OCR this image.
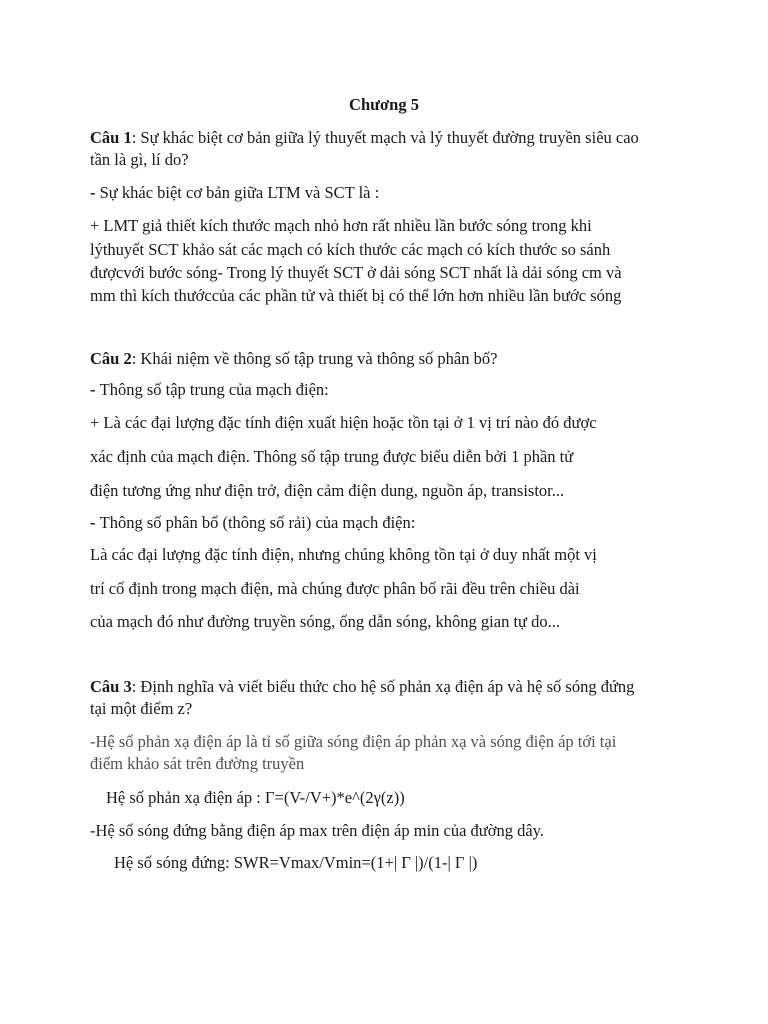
Chương 5
Câu 1: Sự khác biệt cơ bản giữa lý thuyết mạch và lý thuyết đường truyền siêu cao
tần là gì, lí do?
- Sự khác biệt cơ bản giữa LTM và SCT là :
+ LMT giả thiết kích thước mạch nhỏ hơn rất nhiều lần bước sóng trong khi
lýthuyết SCT khảo sát các mạch có kích thước các mạch có kích thước so sánh
đượcvới bước sóng- Trong lý thuyết SCT ở dải sóng SCT nhất là dải sóng cm và
mm thì kích thướccủa các phần tử và thiết bị có thể lớn hơn nhiều lần bước sóng
Câu 2: Khái niệm về thông số tập trung và thông số phân bố?
- Thông số tập trung của mạch điện:
+ Là các đại lượng đặc tính điện xuất hiện hoặc tồn tại ở 1 vị trí nào đó được
xác định của mạch điện. Thông số tập trung được biểu diễn bởi 1 phần tử
điện tương ứng như điện trở, điện cảm điện dung, nguồn áp, transistor...
- Thông số phân bố (thông số rải) của mạch điện:
Là các đại lượng đặc tính điện, nhưng chúng không tồn tại ở duy nhất một vị
trí cố định trong mạch điện, mà chúng được phân bố rãi đều trên chiều dài
của mạch đó như đường truyền sóng, ống dẫn sóng, không gian tự do...
Câu 3: Định nghĩa và viết biểu thức cho hệ số phản xạ điện áp và hệ số sóng đứng
tại một điểm z?
-Hệ số phản xạ điện áp là tỉ số giữa sóng điện áp phản xạ và sóng điện áp tới tại
điểm khảo sát trên đường truyền
Hệ số phản xạ điện áp : Γ=(V-/V+)*e^(2γ(z))
-Hệ số sóng đứng bằng điện áp max trên điện áp min của đường dây.
Hệ số sóng đứng: SWR=Vmax/Vmin=(1+| Γ |)/(1-| Γ |)
